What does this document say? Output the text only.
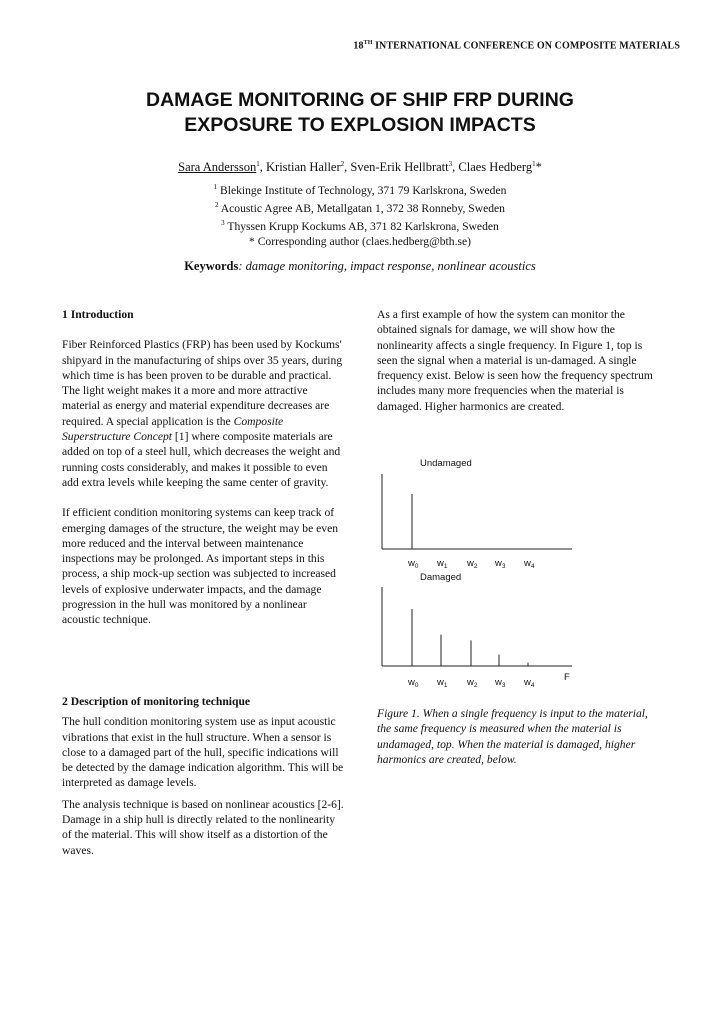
18TH INTERNATIONAL CONFERENCE ON COMPOSITE MATERIALS
DAMAGE MONITORING OF SHIP FRP DURING
EXPOSURE TO EXPLOSION IMPACTS
Sara Andersson$^1$, Kristian Haller$^2$, Sven-Erik Hellbratt$^3$, Claes Hedberg$^1$*
$^1$ Blekinge Institute of Technology, 371 79 Karlskrona, Sweden
$^2$ Acoustic Agree AB, Metallgatan 1, 372 38 Ronneby, Sweden
$^3$ Thyssen Krupp Kockums AB, 371 82 Karlskrona, Sweden
* Corresponding author (claes.hedberg@bth.se)
Keywords: damage monitoring, impact response, nonlinear acoustics

1 Introduction

Fiber Reinforced Plastics (FRP) has been used by Kockums' shipyard in the manufacturing of ships over 35 years, during which time is has been proven to be durable and practical. The light weight makes it a more and more attractive material as energy and material expenditure decreases are required. A special application is the Composite Superstructure Concept [1] where composite materials are added on top of a steel hull, which decreases the weight and running costs considerably, and makes it possible to even add extra levels while keeping the same center of gravity.

If efficient condition monitoring systems can keep track of emerging damages of the structure, the weight may be even more reduced and the interval between maintenance inspections may be prolonged. As important steps in this process, a ship mock-up section was subjected to increased levels of explosive underwater impacts, and the damage progression in the hull was monitored by a nonlinear acoustic technique.

2 Description of monitoring technique

The hull condition monitoring system use as input acoustic vibrations that exist in the hull structure. When a sensor is close to a damaged part of the hull, specific indications will be detected by the damage indication algorithm. This will be interpreted as damage levels.

The analysis technique is based on nonlinear acoustics [2-6]. Damage in a ship hull is directly related to the nonlinearity of the material. This will show itself as a distortion of the waves.

As a first example of how the system can monitor the obtained signals for damage, we will show how the nonlinearity affects a single frequency. In Figure 1, top is seen the signal when a material is un-damaged. A single frequency exist. Below is seen how the frequency spectrum includes many more frequencies when the material is damaged. Higher harmonics are created.
Undamaged
$w_0$ $w_1$ $w_2$ $w_3$ $w_4$
Damaged
$w_0$ $w_1$ $w_2$ $w_3$ $w_4$
F
Figure 1. When a single frequency is input to the material, the same frequency is measured when the material is undamaged, top. When the material is damaged, higher harmonics are created, below.
